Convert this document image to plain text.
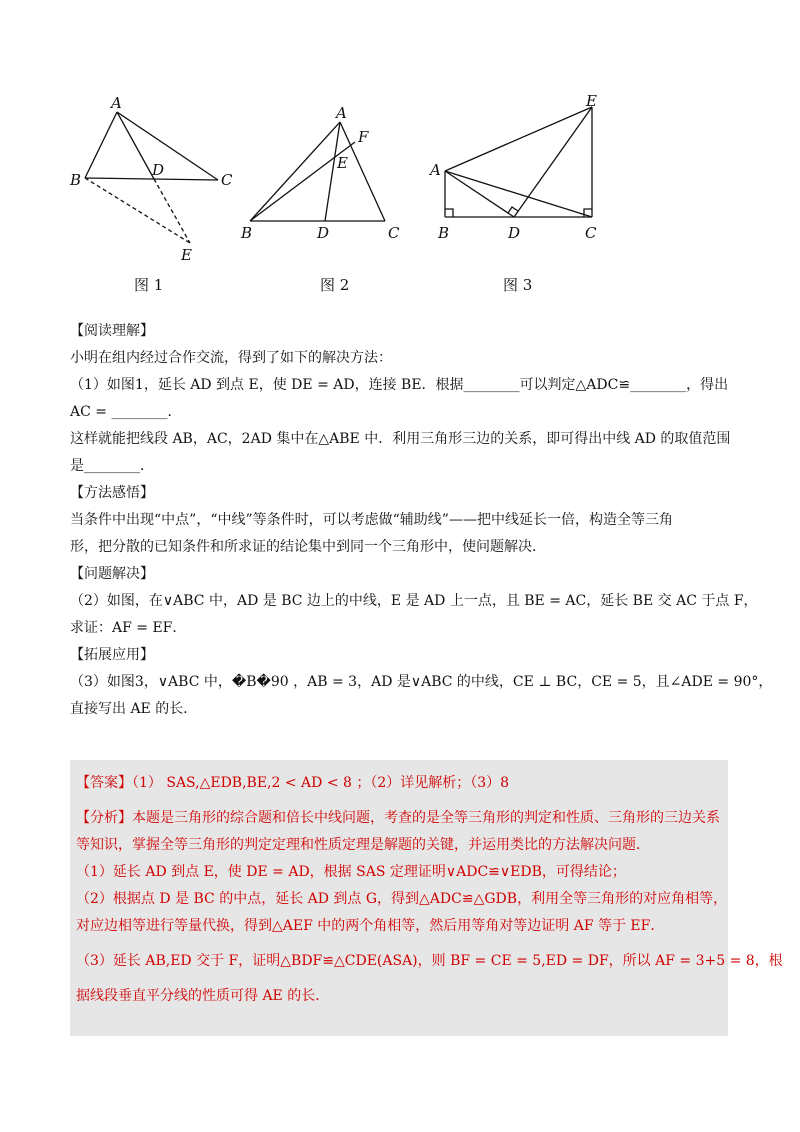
A
B	C
D
E
A
B	C
D
E
F
A
B	C
D
E
图 1	图 2	图 3
【阅读理解】
小明在组内经过合作交流，得到了如下的解决方法：
（1）如图1，延长 AD 到点 E，使 DE = AD，连接 BE．根据________可以判定△ADC≌________，得出
AC = ________．
这样就能把线段 AB，AC，2AD 集中在△ABE 中．利用三角形三边的关系，即可得出中线 AD 的取值范围
是________．
【方法感悟】
当条件中出现“中点”，“中线”等条件时，可以考虑做“辅助线”——把中线延长一倍，构造全等三角
形，把分散的已知条件和所求证的结论集中到同一个三角形中，使问题解决．
【问题解决】
（2）如图，在∨ABC 中，AD 是 BC 边上的中线，E 是 AD 上一点，且 BE = AC，延长 BE 交 AC 于点 F，
求证：AF = EF．
【拓展应用】
（3）如图3，∨ABC 中，�B�90 ，AB = 3，AD 是∨ABC 的中线，CE ⊥ BC，CE = 5，且∠ADE = 90°，
直接写出 AE 的长．
【答案】（1） SAS,△EDB,BE,2 < AD < 8 ；（2）详见解析；（3）8
【分析】本题是三角形的综合题和倍长中线问题，考查的是全等三角形的判定和性质、三角形的三边关系
等知识，掌握全等三角形的判定定理和性质定理是解题的关键，并运用类比的方法解决问题．
（1）延长 AD 到点 E，使 DE = AD，根据 SAS 定理证明∨ADC≌∨EDB，可得结论；
（2）根据点 D 是 BC 的中点，延长 AD 到点 G，得到△ADC≌△GDB，利用全等三角形的对应角相等，
对应边相等进行等量代换，得到△AEF 中的两个角相等，然后用等角对等边证明 AF 等于 EF．
（3）延长 AB,ED 交于 F，证明△BDF≌△CDE(ASA)，则 BF = CE = 5,ED = DF，所以 AF = 3+5 = 8，根
据线段垂直平分线的性质可得 AE 的长．
